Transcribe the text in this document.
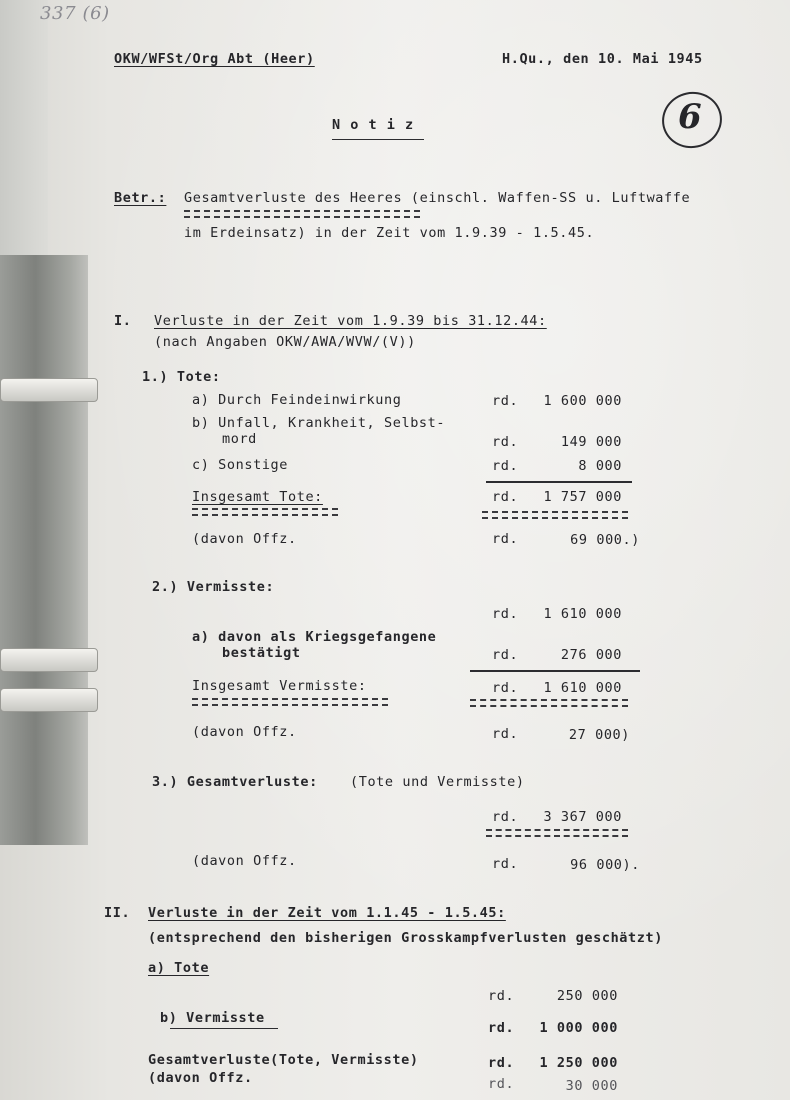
337 (6)
OKW/WFSt/Org Abt (Heer)	H.Qu., den 10. Mai 1945
6
N o t i z
Betr.: Gesamtverluste des Heeres (einschl. Waffen-SS u. Luftwaffe
im Erdeinsatz) in der Zeit vom 1.9.39 - 1.5.45.
I. Verluste in der Zeit vom 1.9.39 bis 31.12.44:
(nach Angaben OKW/AWA/WVW/(V))
1.) Tote:
a) Durch Feindeinwirkung	rd.	1 600 000
b) Unfall, Krankheit, Selbst-
mord	rd.	149 000
c) Sonstige	rd.	8 000
Insgesamt Tote:	rd.	1 757 000
(davon Offz.	rd.	69 000.)
2.) Vermisste:
rd.	1 610 000
a) davon als Kriegsgefangene
bestätigt	rd.	276 000
Insgesamt Vermisste:	rd.	1 610 000
(davon Offz.	rd.	27 000)
3.) Gesamtverluste: (Tote und Vermisste)
rd.	3 367 000
(davon Offz.	rd.	96 000).
II. Verluste in der Zeit vom 1.1.45 - 1.5.45:
(entsprechend den bisherigen Grosskampfverlusten geschätzt)
a) Tote
rd.	250 000
b) Vermisste
rd.	1 000 000
Gesamtverluste(Tote, Vermisste)	rd.	1 250 000
(davon Offz.	rd.	30 000
